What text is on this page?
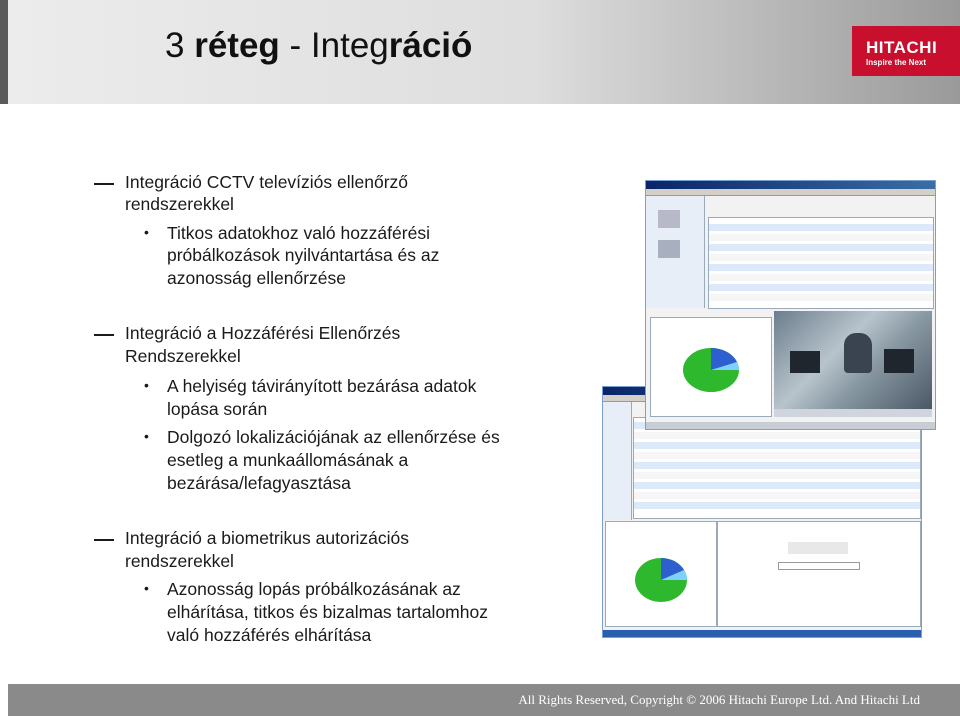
3 réteg - Integráció	HITACHI
Inspire the Next
Integráció CCTV televíziós ellenőrző
rendszerekkel
• Titkos adatokhoz való hozzáférési
próbálkozások nyilvántartása és az
azonosság ellenőrzése
Integráció a Hozzáférési Ellenőrzés
Rendszerekkel
• A helyiség távirányított bezárása adatok
lopása során
• Dolgozó lokalizációjának az ellenőrzése és
esetleg a munkaállomásának a
bezárása/lefagyasztása
Integráció a biometrikus autorizációs
rendszerekkel
• Azonosság lopás próbálkozásának az
elhárítása, titkos és bizalmas tartalomhoz
való hozzáférés elhárítása
All Rights Reserved, Copyright © 2006 Hitachi Europe Ltd. And Hitachi Ltd
